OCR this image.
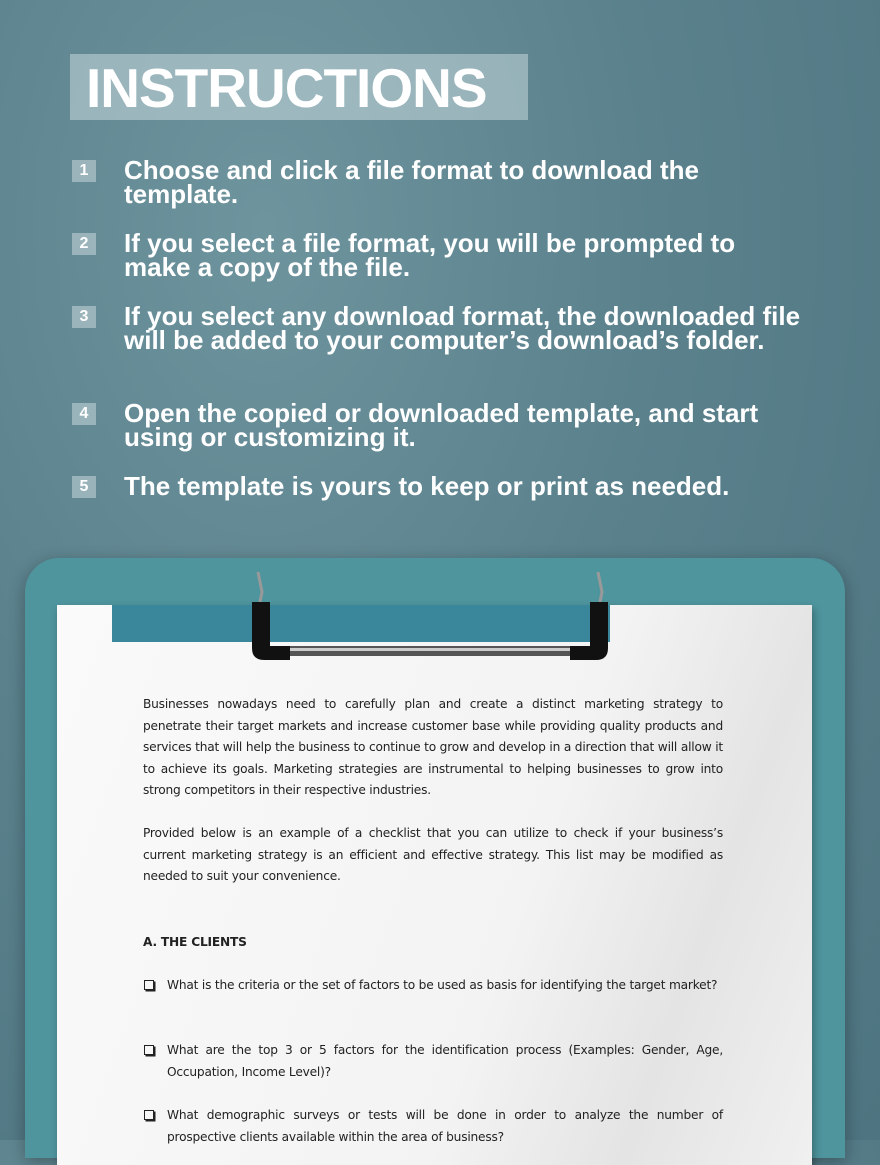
INSTRUCTIONS
1 Choose and click a file format to download the template.
2 If you select a file format, you will be prompted to make a copy of the file.
3 If you select any download format, the downloaded file will be added to your computer’s download’s folder.
4 Open the copied or downloaded template, and start using or customizing it.
5 The template is yours to keep or print as needed.
Businesses nowadays need to carefully plan and create a distinct marketing strategy to penetrate their target markets and increase customer base while providing quality products and services that will help the business to continue to grow and develop in a direction that will allow it to achieve its goals. Marketing strategies are instrumental to helping businesses to grow into strong competitors in their respective industries.
Provided below is an example of a checklist that you can utilize to check if your business’s current marketing strategy is an efficient and effective strategy. This list may be modified as needed to suit your convenience.
A. THE CLIENTS
What is the criteria or the set of factors to be used as basis for identifying the target market?
What are the top 3 or 5 factors for the identification process (Examples: Gender, Age, Occupation, Income Level)?
What demographic surveys or tests will be done in order to analyze the number of prospective clients available within the area of business?
